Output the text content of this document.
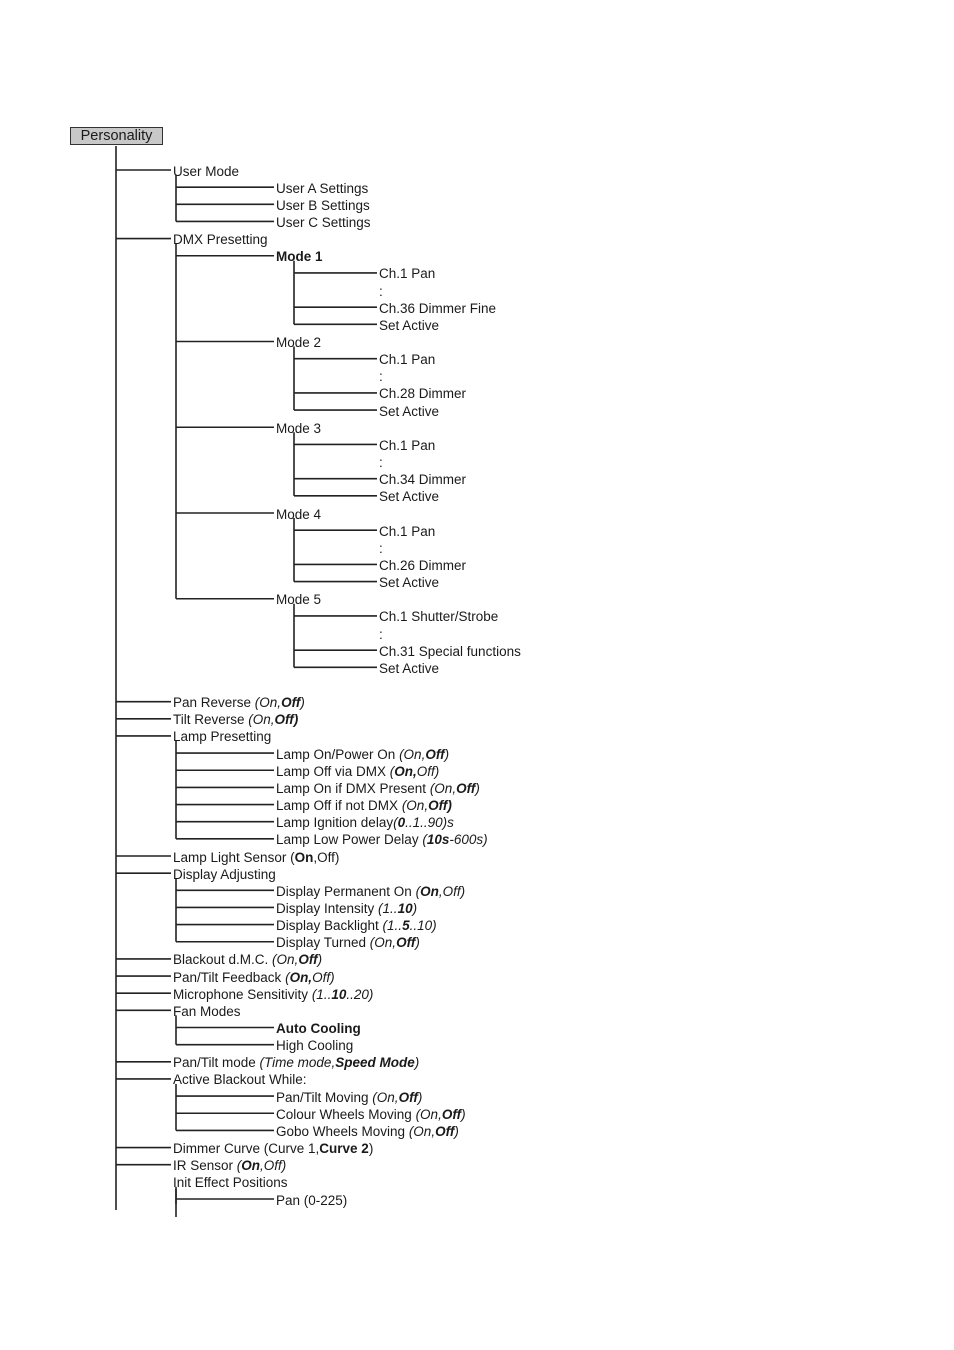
Personality
User Mode
User A Settings
User B Settings
User C Settings
DMX Presetting
Mode 1
Ch.1 Pan
:
Ch.36 Dimmer Fine
Set Active
Mode 2
Ch.1 Pan
:
Ch.28 Dimmer
Set Active
Mode 3
Ch.1 Pan
:
Ch.34 Dimmer
Set Active
Mode 4
Ch.1 Pan
:
Ch.26 Dimmer
Set Active
Mode 5
Ch.1 Shutter/Strobe
:
Ch.31 Special functions
Set Active
Pan Reverse (On,Off)
Tilt Reverse (On,Off)
Lamp Presetting
Lamp On/Power On (On,Off)
Lamp Off via DMX (On,Off)
Lamp On if DMX Present (On,Off)
Lamp Off if not DMX (On,Off)
Lamp Ignition delay(0..1..90)s
Lamp Low Power Delay (10s-600s)
Lamp Light Sensor (On,Off)
Display Adjusting
Display Permanent On (On,Off)
Display Intensity (1..10)
Display Backlight (1..5..10)
Display Turned (On,Off)
Blackout d.M.C. (On,Off)
Pan/Tilt Feedback (On,Off)
Microphone Sensitivity (1..10..20)
Fan Modes
Auto Cooling
High Cooling
Pan/Tilt mode (Time mode,Speed Mode)
Active Blackout While:
Pan/Tilt Moving (On,Off)
Colour Wheels Moving (On,Off)
Gobo Wheels Moving (On,Off)
Dimmer Curve (Curve 1,Curve 2)
IR Sensor (On,Off)
Init Effect Positions
Pan (0-225)
